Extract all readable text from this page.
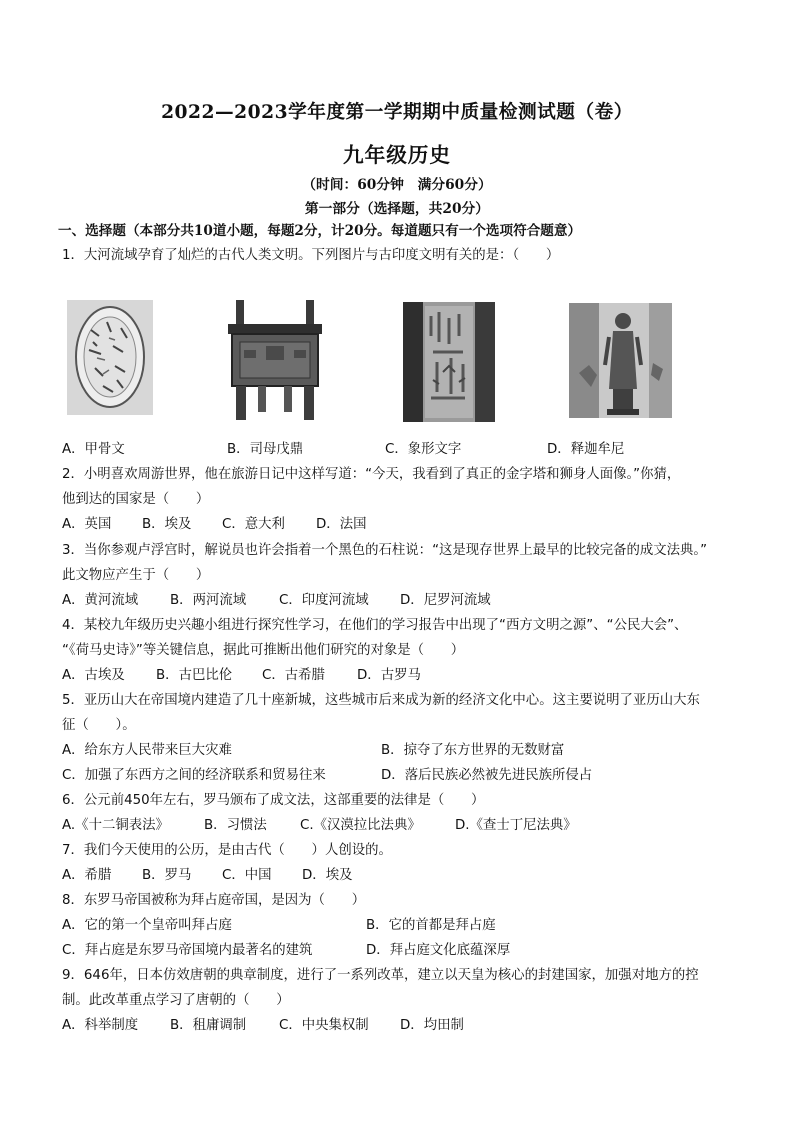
2022—2023学年度第一学期期中质量检测试题（卷）
九年级历史
（时间：60分钟　满分60分）
第一部分（选择题，共20分）
一、选择题（本部分共10道小题，每题2分，计20分。每道题只有一个选项符合题意）
1．大河流域孕育了灿烂的古代人类文明。下列图片与古印度文明有关的是：（　　）
A．甲骨文	B．司母戊鼎	C．象形文字	D．释迦牟尼
2．小明喜欢周游世界，他在旅游日记中这样写道：“今天，我看到了真正的金字塔和狮身人面像。”你猜，
他到达的国家是（　　）
A．英国 B．埃及 C．意大利 D．法国
3．当你参观卢浮宫时，解说员也许会指着一个黑色的石柱说：“这是现存世界上最早的比较完备的成文法典。”
此文物应产生于（　　）
A．黄河流域 B．两河流域 C．印度河流域 D．尼罗河流域
4．某校九年级历史兴趣小组进行探究性学习，在他们的学习报告中出现了“西方文明之源”、“公民大会”、
“《荷马史诗》”等关键信息，据此可推断出他们研究的对象是（　　）
A．古埃及 B．古巴比伦 C．古希腊 D．古罗马
5．亚历山大在帝国境内建造了几十座新城，这些城市后来成为新的经济文化中心。这主要说明了亚历山大东
征（　　）。
A．给东方人民带来巨大灾难	B．掠夺了东方世界的无数财富
C．加强了东西方之间的经济联系和贸易往来	D．落后民族必然被先进民族所侵占
6．公元前450年左右，罗马颁布了成文法，这部重要的法律是（　　）
A.《十二铜表法》	B．习惯法 C.《汉漠拉比法典》	D.《查士丁尼法典》
7．我们今天使用的公历，是由古代（　　）人创设的。
A．希腊 B．罗马 C．中国 D．埃及
8．东罗马帝国被称为拜占庭帝国，是因为（　　）
A．它的第一个皇帝叫拜占庭	B．它的首都是拜占庭
C．拜占庭是东罗马帝国境内最著名的建筑	D．拜占庭文化底蕴深厚
9．646年，日本仿效唐朝的典章制度，进行了一系列改革，建立以天皇为核心的封建国家，加强对地方的控
制。此改革重点学习了唐朝的（　　）
A．科举制度 B．租庸调制 C．中央集权制 D．均田制
